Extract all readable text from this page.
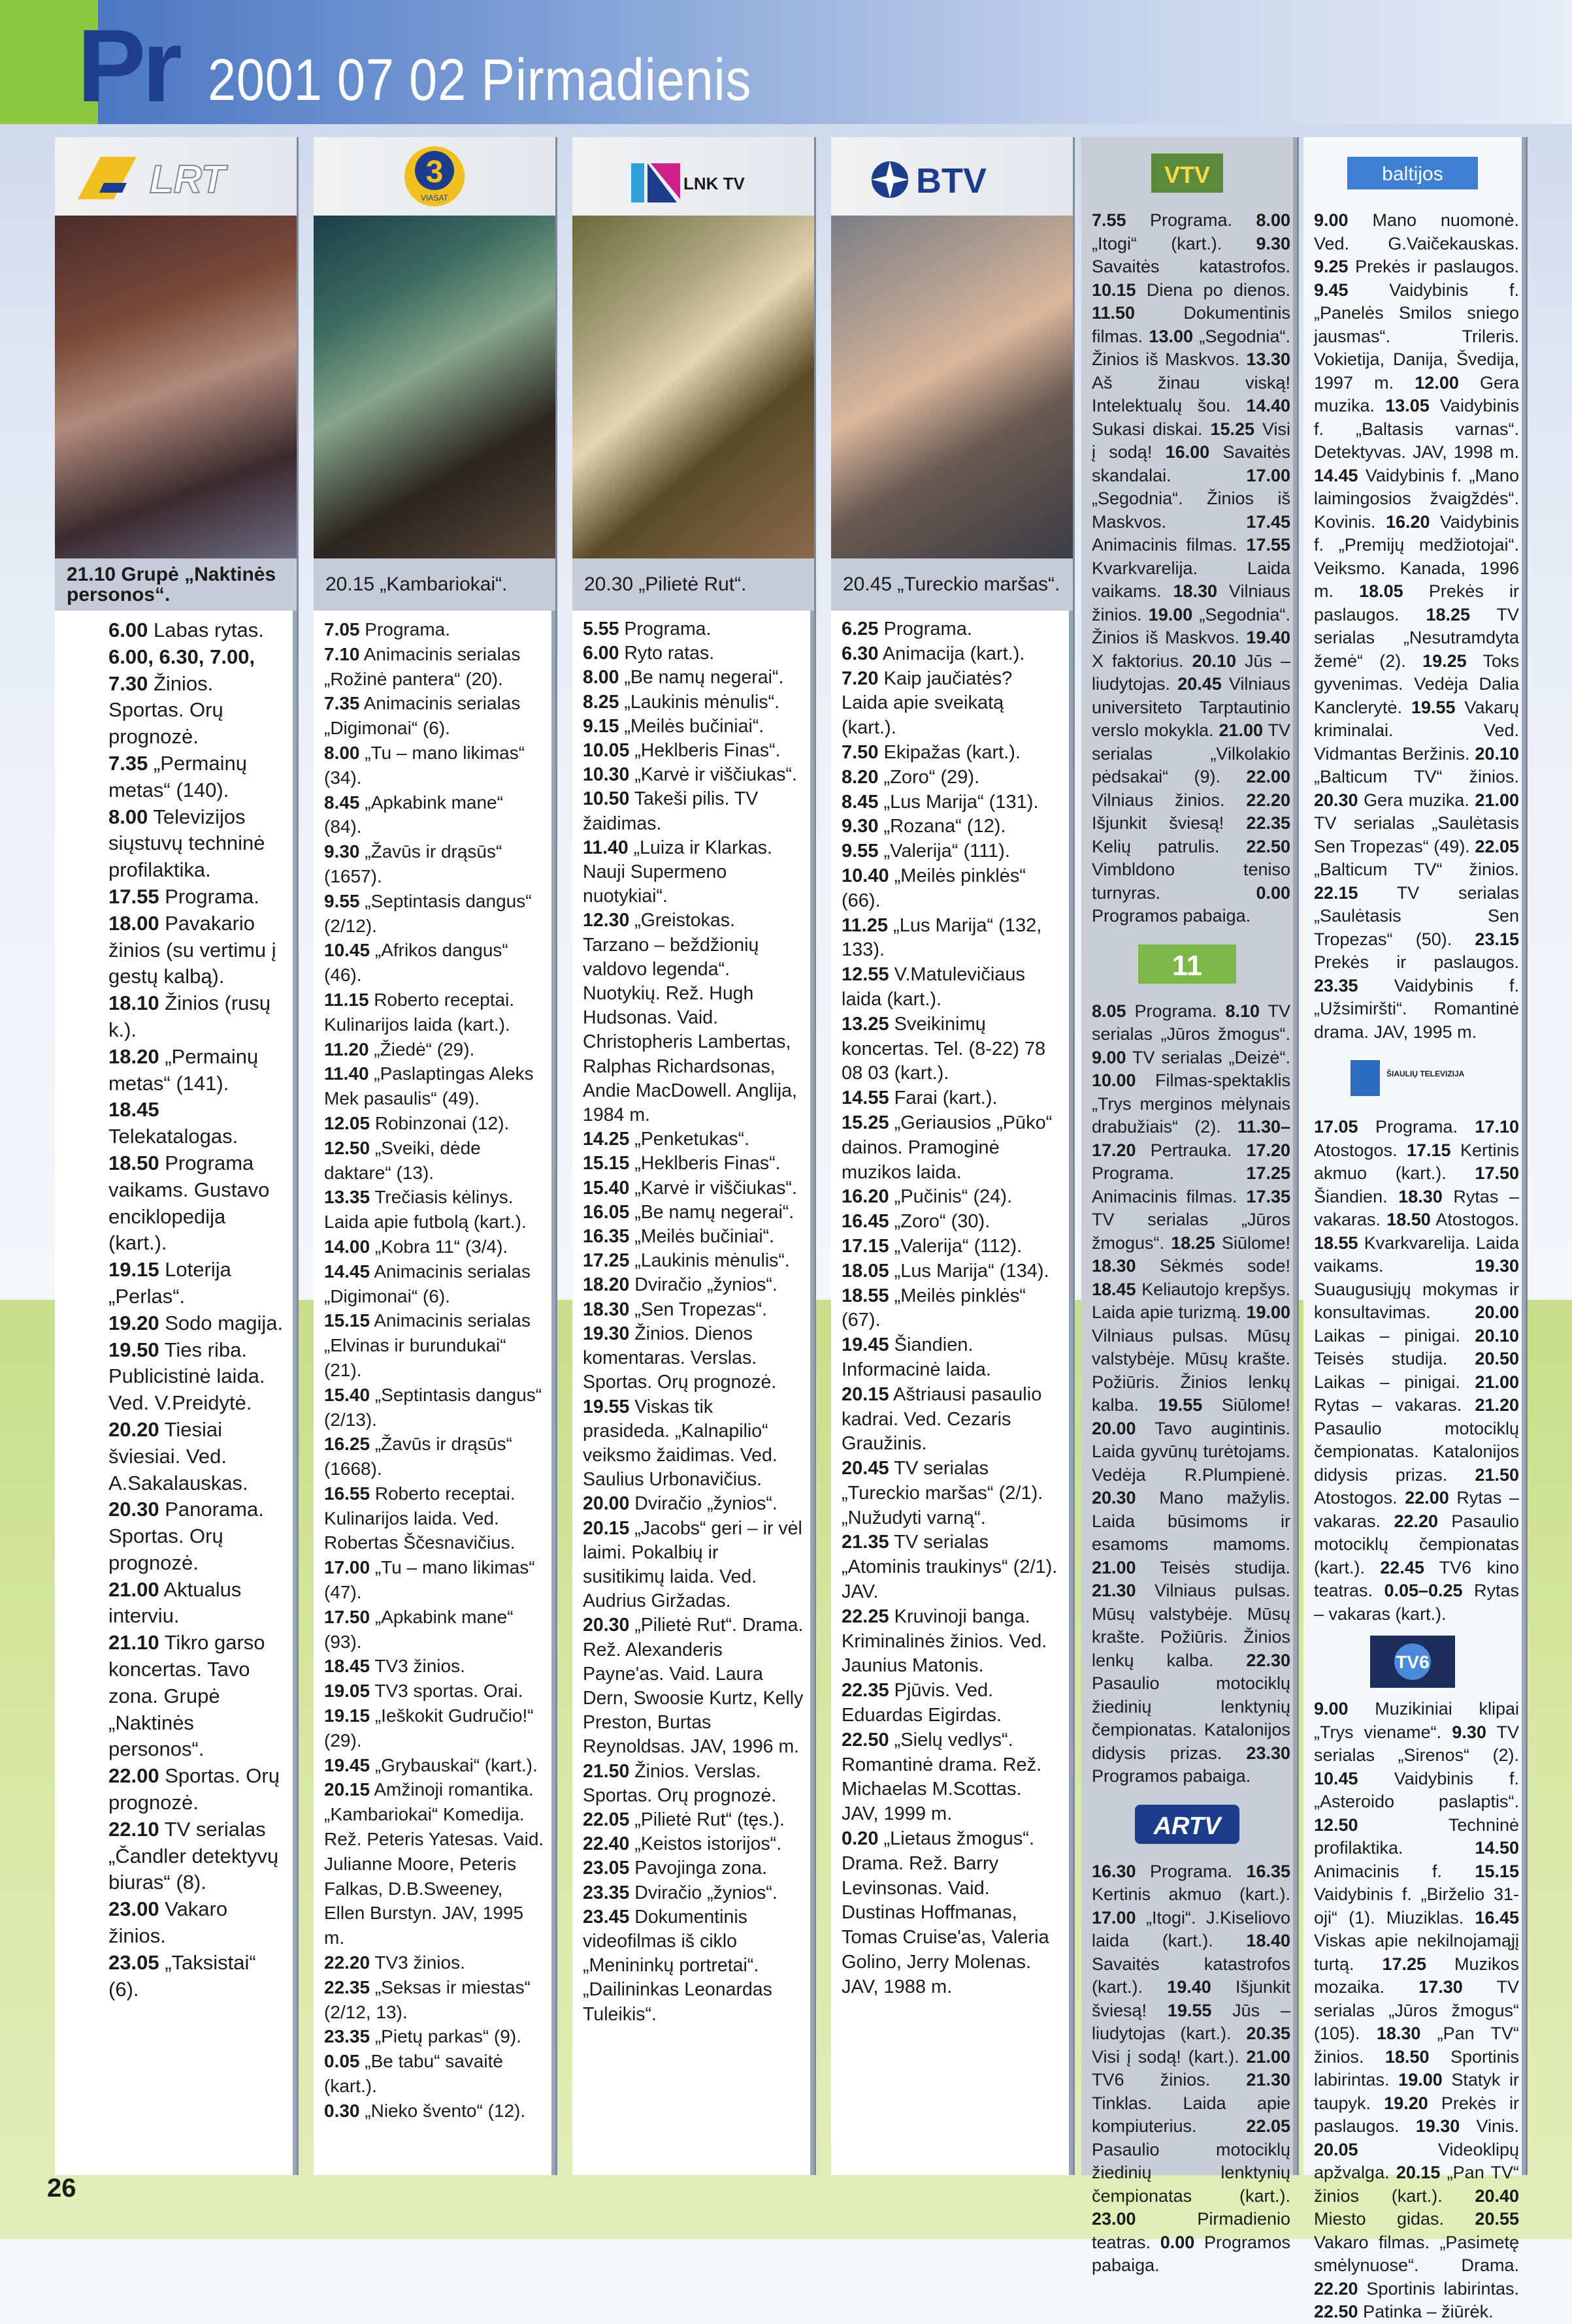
Pr 2001 07 02 Pirmadienis
LRT
21.10 Grupė „Naktinės personos“.

6.00 Labas rytas.

6.00, 6.30, 7.00, 7.30 Žinios. Sportas. Orų prognozė.

7.35 „Permainų metas“ (140).

8.00 Televizijos siųstuvų techninė profilaktika.

17.55 Programa.

18.00 Pavakario žinios (su vertimu į gestų kalbą).

18.10 Žinios (rusų k.).

18.20 „Permainų metas“ (141).

18.45 Telekatalogas.

18.50 Programa vaikams. Gustavo enciklopedija (kart.).

19.15 Loterija „Perlas“.

19.20 Sodo magija.

19.50 Ties riba. Publicistinė laida. Ved. V.Preidytė.

20.20 Tiesiai šviesiai. Ved. A.Sakalauskas.

20.30 Panorama. Sportas. Orų prognozė.

21.00 Aktualus interviu.

21.10 Tikro garso koncertas. Tavo zona. Grupė „Naktinės personos“.

22.00 Sportas. Orų prognozė.

22.10 TV serialas „Čandler detektyvų biuras“ (8).

23.00 Vakaro žinios.

23.05 „Taksistai“ (6).

3
VIASAT
20.15 „Kambariokai“.

7.05 Programa.

7.10 Animacinis serialas „Rožinė pantera“ (20).

7.35 Animacinis serialas „Digimonai“ (6).

8.00 „Tu – mano likimas“ (34).

8.45 „Apkabink mane“ (84).

9.30 „Žavūs ir drąsūs“ (1657).

9.55 „Septintasis dangus“ (2/12).

10.45 „Afrikos dangus“ (46).

11.15 Roberto receptai. Kulinarijos laida (kart.).

11.20 „Žiedė“ (29).

11.40 „Paslaptingas Aleks Mek pasaulis“ (49).

12.05 Robinzonai (12).

12.50 „Sveiki, dėde daktare“ (13).

13.35 Trečiasis kėlinys. Laida apie futbolą (kart.).

14.00 „Kobra 11“ (3/4).

14.45 Animacinis serialas „Digimonai“ (6).

15.15 Animacinis serialas „Elvinas ir burundukai“ (21).

15.40 „Septintasis dangus“ (2/13).

16.25 „Žavūs ir drąsūs“ (1668).

16.55 Roberto receptai. Kulinarijos laida. Ved. Robertas Ščesnavičius.

17.00 „Tu – mano likimas“ (47).

17.50 „Apkabink mane“ (93).

18.45 TV3 žinios.

19.05 TV3 sportas. Orai.

19.15 „Ieškokit Gudručio!“ (29).

19.45 „Grybauskai“ (kart.).

20.15 Amžinoji romantika. „Kambariokai“ Komedija. Rež. Peteris Yatesas. Vaid. Julianne Moore, Peteris Falkas, D.B.Sweeney, Ellen Burstyn. JAV, 1995 m.

22.20 TV3 žinios.

22.35 „Seksas ir miestas“ (2/12, 13).

23.35 „Pietų parkas“ (9).

0.05 „Be tabu“ savaitė (kart.).

0.30 „Nieko švento“ (12).

LNK TV
20.30 „Pilietė Rut“.

5.55 Programa.

6.00 Ryto ratas.

8.00 „Be namų negerai“.

8.25 „Laukinis mėnulis“.

9.15 „Meilės bučiniai“.

10.05 „Heklberis Finas“.

10.30 „Karvė ir viščiukas“.

10.50 Takeši pilis. TV žaidimas.

11.40 „Luiza ir Klarkas. Nauji Supermeno nuotykiai“.

12.30 „Greistokas. Tarzano – beždžionių valdovo legenda“. Nuotykių. Rež. Hugh Hudsonas. Vaid. Christopheris Lambertas, Ralphas Richardsonas, Andie MacDowell. Anglija, 1984 m.

14.25 „Penketukas“.

15.15 „Heklberis Finas“.

15.40 „Karvė ir viščiukas“.

16.05 „Be namų negerai“.

16.35 „Meilės bučiniai“.

17.25 „Laukinis mėnulis“.

18.20 Dviračio „žynios“.

18.30 „Sen Tropezas“.

19.30 Žinios. Dienos komentaras. Verslas. Sportas. Orų prognozė.

19.55 Viskas tik prasideda. „Kalnapilio“ veiksmo žaidimas. Ved. Saulius Urbonavičius.

20.00 Dviračio „žynios“.

20.15 „Jacobs“ geri – ir vėl laimi. Pokalbių ir susitikimų laida. Ved. Audrius Giržadas.

20.30 „Pilietė Rut“. Drama. Rež. Alexanderis Payne'as. Vaid. Laura Dern, Swoosie Kurtz, Kelly Preston, Burtas Reynoldsas. JAV, 1996 m.

21.50 Žinios. Verslas. Sportas. Orų prognozė.

22.05 „Pilietė Rut“ (tęs.).

22.40 „Keistos istorijos“.

23.05 Pavojinga zona.

23.35 Dviračio „žynios“.

23.45 Dokumentinis videofilmas iš ciklo „Menininkų portretai“. „Dailininkas Leonardas Tuleikis“.

BTV
20.45 „Tureckio maršas“.

6.25 Programa.

6.30 Animacija (kart.).

7.20 Kaip jaučiatės? Laida apie sveikatą (kart.).

7.50 Ekipažas (kart.).

8.20 „Zoro“ (29).

8.45 „Lus Marija“ (131).

9.30 „Rozana“ (12).

9.55 „Valerija“ (111).

10.40 „Meilės pinklės“ (66).

11.25 „Lus Marija“ (132, 133).

12.55 V.Matulevičiaus laida (kart.).

13.25 Sveikinimų koncertas. Tel. (8-22) 78 08 03 (kart.).

14.55 Farai (kart.).

15.25 „Geriausios „Pūko“ dainos. Pramoginė muzikos laida.

16.20 „Pučinis“ (24).

16.45 „Zoro“ (30).

17.15 „Valerija“ (112).

18.05 „Lus Marija“ (134).

18.55 „Meilės pinklės“ (67).

19.45 Šiandien. Informacinė laida.

20.15 Aštriausi pasaulio kadrai. Ved. Cezaris Graužinis.

20.45 TV serialas „Tureckio maršas“ (2/1). „Nužudyti varną“.

21.35 TV serialas „Atominis traukinys“ (2/1). JAV.

22.25 Kruvinoji banga. Kriminalinės žinios. Ved. Jaunius Matonis.

22.35 Pjūvis. Ved. Eduardas Eigirdas.

22.50 „Sielų vedlys“. Romantinė drama. Rež. Michaelas M.Scottas. JAV, 1999 m.

0.20 „Lietaus žmogus“. Drama. Rež. Barry Levinsonas. Vaid. Dustinas Hoffmanas, Tomas Cruise'as, Valeria Golino, Jerry Molenas. JAV, 1988 m.

VTV
7.55 Programa. 8.00 „Itogi“ (kart.). 9.30 Savaitės katastrofos. 10.15 Diena po dienos. 11.50 Dokumentinis filmas. 13.00 „Segodnia“. Žinios iš Maskvos. 13.30 Aš žinau viską! Intelektualų šou. 14.40 Sukasi diskai. 15.25 Visi į sodą! 16.00 Savaitės skandalai. 17.00 „Segodnia“. Žinios iš Maskvos. 17.45 Animacinis filmas. 17.55 Kvarkvarelija. Laida vaikams. 18.30 Vilniaus žinios. 19.00 „Segodnia“. Žinios iš Maskvos. 19.40 X faktorius. 20.10 Jūs – liudytojas. 20.45 Vilniaus universiteto Tarptautinio verslo mokykla. 21.00 TV serialas „Vilkolakio pėdsakai“ (9). 22.00 Vilniaus žinios. 22.20 Išjunkit šviesą! 22.35 Kelių patrulis. 22.50 Vimbldono teniso turnyras. 0.00 Programos pabaiga.
11
8.05 Programa. 8.10 TV serialas „Jūros žmogus“. 9.00 TV serialas „Deizė“. 10.00 Filmas-spektaklis „Trys merginos mėlynais drabužiais“ (2). 11.30–17.20 Pertrauka. 17.20 Programa. 17.25 Animacinis filmas. 17.35 TV serialas „Jūros žmogus“. 18.25 Siūlome! 18.30 Sėkmės sode! 18.45 Keliautojo krepšys. Laida apie turizmą. 19.00 Vilniaus pulsas. Mūsų valstybėje. Mūsų krašte. Požiūris. Žinios lenkų kalba. 19.55 Siūlome! 20.00 Tavo augintinis. Laida gyvūnų turėtojams. Vedėja R.Plumpienė. 20.30 Mano mažylis. Laida būsimoms ir esamoms mamoms. 21.00 Teisės studija. 21.30 Vilniaus pulsas. Mūsų valstybėje. Mūsų krašte. Požiūris. Žinios lenkų kalba. 22.30 Pasaulio motociklų žiedinių lenktynių čempionatas. Katalonijos didysis prizas. 23.30 Programos pabaiga.
ARTV
16.30 Programa. 16.35 Kertinis akmuo (kart.). 17.00 „Itogi“. J.Kiseliovo laida (kart.). 18.40 Savaitės katastrofos (kart.). 19.40 Išjunkit šviesą! 19.55 Jūs – liudytojas (kart.). 20.35 Visi į sodą! (kart.). 21.00 TV6 žinios. 21.30 Tinklas. Laida apie kompiuterius. 22.05 Pasaulio motociklų žiedinių lenktynių čempionatas (kart.). 23.00 Pirmadienio teatras. 0.00 Programos pabaiga.
baltijos
9.00 Mano nuomonė. Ved. G.Vaičekauskas. 9.25 Prekės ir paslaugos. 9.45 Vaidybinis f. „Panelės Smilos sniego jausmas“. Trileris. Vokietija, Danija, Švedija, 1997 m. 12.00 Gera muzika. 13.05 Vaidybinis f. „Baltasis varnas“. Detektyvas. JAV, 1998 m. 14.45 Vaidybinis f. „Mano laimingosios žvaigždės“. Kovinis. 16.20 Vaidybinis f. „Premijų medžiotojai“. Veiksmo. Kanada, 1996 m. 18.05 Prekės ir paslaugos. 18.25 TV serialas „Nesutramdyta žemė“ (2). 19.25 Toks gyvenimas. Vedėja Dalia Kanclerytė. 19.55 Vakarų kriminalai. Ved. Vidmantas Beržinis. 20.10 „Balticum TV“ žinios. 20.30 Gera muzika. 21.00 TV serialas „Saulėtasis Sen Tropezas“ (49). 22.05 „Balticum TV“ žinios. 22.15 TV serialas „Saulėtasis Sen Tropezas“ (50). 23.15 Prekės ir paslaugos. 23.35 Vaidybinis f. „Užsimiršti“. Romantinė drama. JAV, 1995 m.
ŠIAULIŲ TELEVIZIJA
17.05 Programa. 17.10 Atostogos. 17.15 Kertinis akmuo (kart.). 17.50 Šiandien. 18.30 Rytas – vakaras. 18.50 Atostogos. 18.55 Kvarkvarelija. Laida vaikams. 19.30 Suaugusiųjų mokymas ir konsultavimas. 20.00 Laikas – pinigai. 20.10 Teisės studija. 20.50 Laikas – pinigai. 21.00 Rytas – vakaras. 21.20 Pasaulio motociklų čempionatas. Katalonijos didysis prizas. 21.50 Atostogos. 22.00 Rytas – vakaras. 22.20 Pasaulio motociklų čempionatas (kart.). 22.45 TV6 kino teatras. 0.05–0.25 Rytas – vakaras (kart.).
TV6
9.00 Muzikiniai klipai „Trys viename“. 9.30 TV serialas „Sirenos“ (2). 10.45 Vaidybinis f. „Asteroido paslaptis“. 12.50 Techninė profilaktika. 14.50 Animacinis f. 15.15 Vaidybinis f. „Birželio 31-oji“ (1). Miuziklas. 16.45 Viskas apie nekilnojamąjį turtą. 17.25 Muzikos mozaika. 17.30 TV serialas „Jūros žmogus“ (105). 18.30 „Pan TV“ žinios. 18.50 Sportinis labirintas. 19.00 Statyk ir taupyk. 19.20 Prekės ir paslaugos. 19.30 Vinis. 20.05 Videoklipų apžvalga. 20.15 „Pan TV“ žinios (kart.). 20.40 Miesto gidas. 20.55 Vakaro filmas. „Pasimetę smėlynuose“. Drama. 22.20 Sportinis labirintas. 22.50 Patinka – žiūrėk.
26
